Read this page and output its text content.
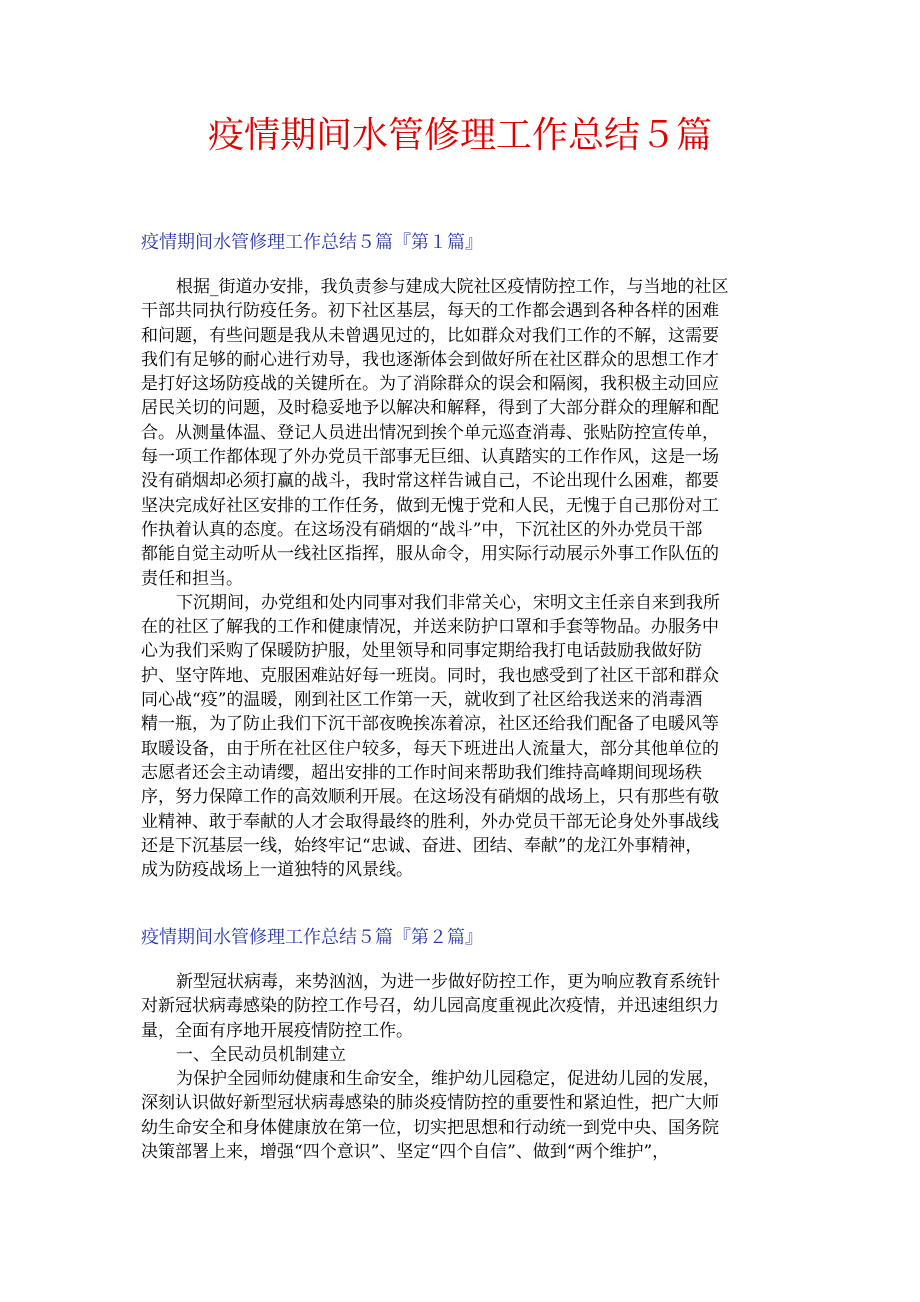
疫情期间水管修理工作总结５篇
疫情期间水管修理工作总结５篇『第１篇』
根据_街道办安排，我负责参与建成大院社区疫情防控工作，与当地的社区
干部共同执行防疫任务。初下社区基层，每天的工作都会遇到各种各样的困难
和问题，有些问题是我从未曾遇见过的，比如群众对我们工作的不解，这需要
我们有足够的耐心进行劝导，我也逐渐体会到做好所在社区群众的思想工作才
是打好这场防疫战的关键所在。为了消除群众的误会和隔阂，我积极主动回应
居民关切的问题，及时稳妥地予以解决和解释，得到了大部分群众的理解和配
合。从测量体温、登记人员进出情况到挨个单元巡查消毒、张贴防控宣传单，
每一项工作都体现了外办党员干部事无巨细、认真踏实的工作作风，这是一场
没有硝烟却必须打赢的战斗，我时常这样告诫自己，不论出现什么困难，都要
坚决完成好社区安排的工作任务，做到无愧于党和人民，无愧于自己那份对工
作执着认真的态度。在这场没有硝烟的“战斗”中，下沉社区的外办党员干部
都能自觉主动听从一线社区指挥，服从命令，用实际行动展示外事工作队伍的
责任和担当。
下沉期间，办党组和处内同事对我们非常关心，宋明文主任亲自来到我所
在的社区了解我的工作和健康情况，并送来防护口罩和手套等物品。办服务中
心为我们采购了保暖防护服，处里领导和同事定期给我打电话鼓励我做好防
护、坚守阵地、克服困难站好每一班岗。同时，我也感受到了社区干部和群众
同心战“疫”的温暖，刚到社区工作第一天，就收到了社区给我送来的消毒酒
精一瓶，为了防止我们下沉干部夜晚挨冻着凉，社区还给我们配备了电暖风等
取暖设备，由于所在社区住户较多，每天下班进出人流量大，部分其他单位的
志愿者还会主动请缨，超出安排的工作时间来帮助我们维持高峰期间现场秩
序，努力保障工作的高效顺利开展。在这场没有硝烟的战场上，只有那些有敬
业精神、敢于奉献的人才会取得最终的胜利，外办党员干部无论身处外事战线
还是下沉基层一线，始终牢记“忠诚、奋进、团结、奉献”的龙江外事精神，
成为防疫战场上一道独特的风景线。
疫情期间水管修理工作总结５篇『第２篇』
新型冠状病毒，来势汹汹，为进一步做好防控工作，更为响应教育系统针
对新冠状病毒感染的防控工作号召，幼儿园高度重视此次疫情，并迅速组织力
量，全面有序地开展疫情防控工作。
一、全民动员机制建立
为保护全园师幼健康和生命安全，维护幼儿园稳定，促进幼儿园的发展，
深刻认识做好新型冠状病毒感染的肺炎疫情防控的重要性和紧迫性，把广大师
幼生命安全和身体健康放在第一位，切实把思想和行动统一到党中央、国务院
决策部署上来，增强“四个意识”、坚定“四个自信”、做到“两个维护”，
